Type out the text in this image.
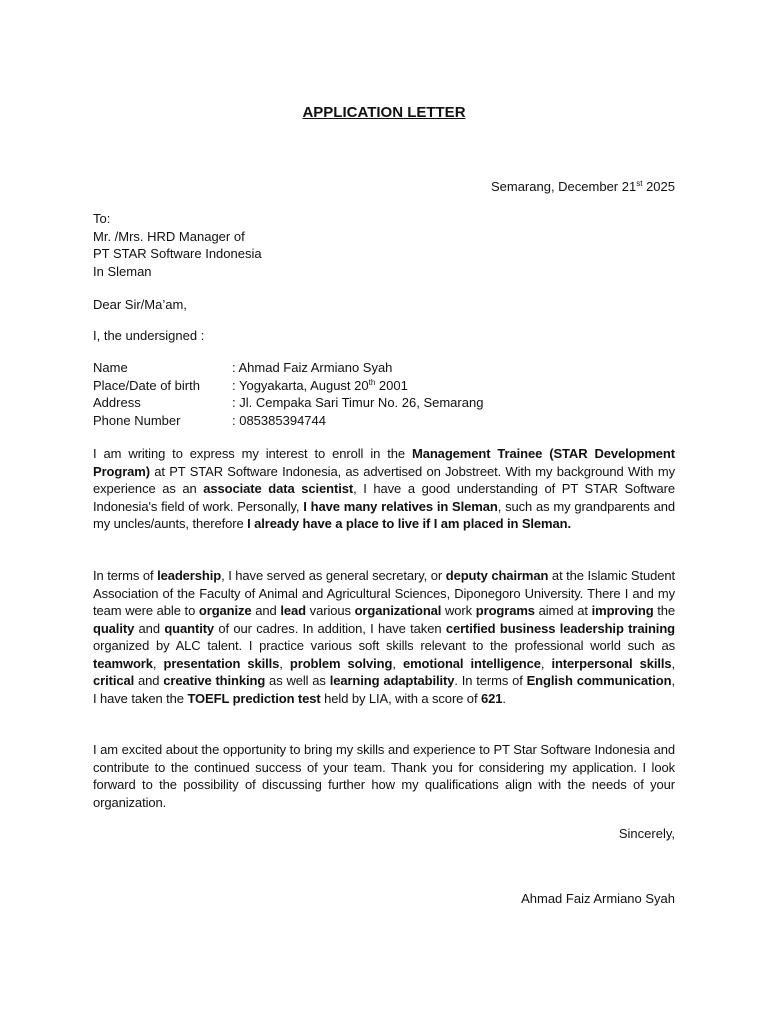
APPLICATION LETTER
Semarang, December 21st 2025
To:
Mr. /Mrs. HRD Manager of
PT STAR Software Indonesia
In Sleman
Dear Sir/Ma’am,
I, the undersigned :
Name	: Ahmad Faiz Armiano Syah
Place/Date of birth	: Yogyakarta, August 20th 2001
Address	: Jl. Cempaka Sari Timur No. 26, Semarang
Phone Number	: 085385394744

I am writing to express my interest to enroll in the Management Trainee (STAR Development Program) at PT STAR Software Indonesia, as advertised on Jobstreet. With my background With my experience as an associate data scientist, I have a good understanding of PT STAR Software Indonesia's field of work. Personally, I have many relatives in Sleman, such as my grandparents and my uncles/aunts, therefore I already have a place to live if I am placed in Sleman.

In terms of leadership, I have served as general secretary, or deputy chairman at the Islamic Student Association of the Faculty of Animal and Agricultural Sciences, Diponegoro University. There I and my team were able to organize and lead various organizational work programs aimed at improving the quality and quantity of our cadres. In addition, I have taken certified business leadership training organized by ALC talent. I practice various soft skills relevant to the professional world such as teamwork, presentation skills, problem solving, emotional intelligence, interpersonal skills, critical and creative thinking as well as learning adaptability. In terms of English communication, I have taken the TOEFL prediction test held by LIA, with a score of 621.

I am excited about the opportunity to bring my skills and experience to PT Star Software Indonesia and contribute to the continued success of your team. Thank you for considering my application. I look forward to the possibility of discussing further how my qualifications align with the needs of your organization.

Sincerely,
Ahmad Faiz Armiano Syah
